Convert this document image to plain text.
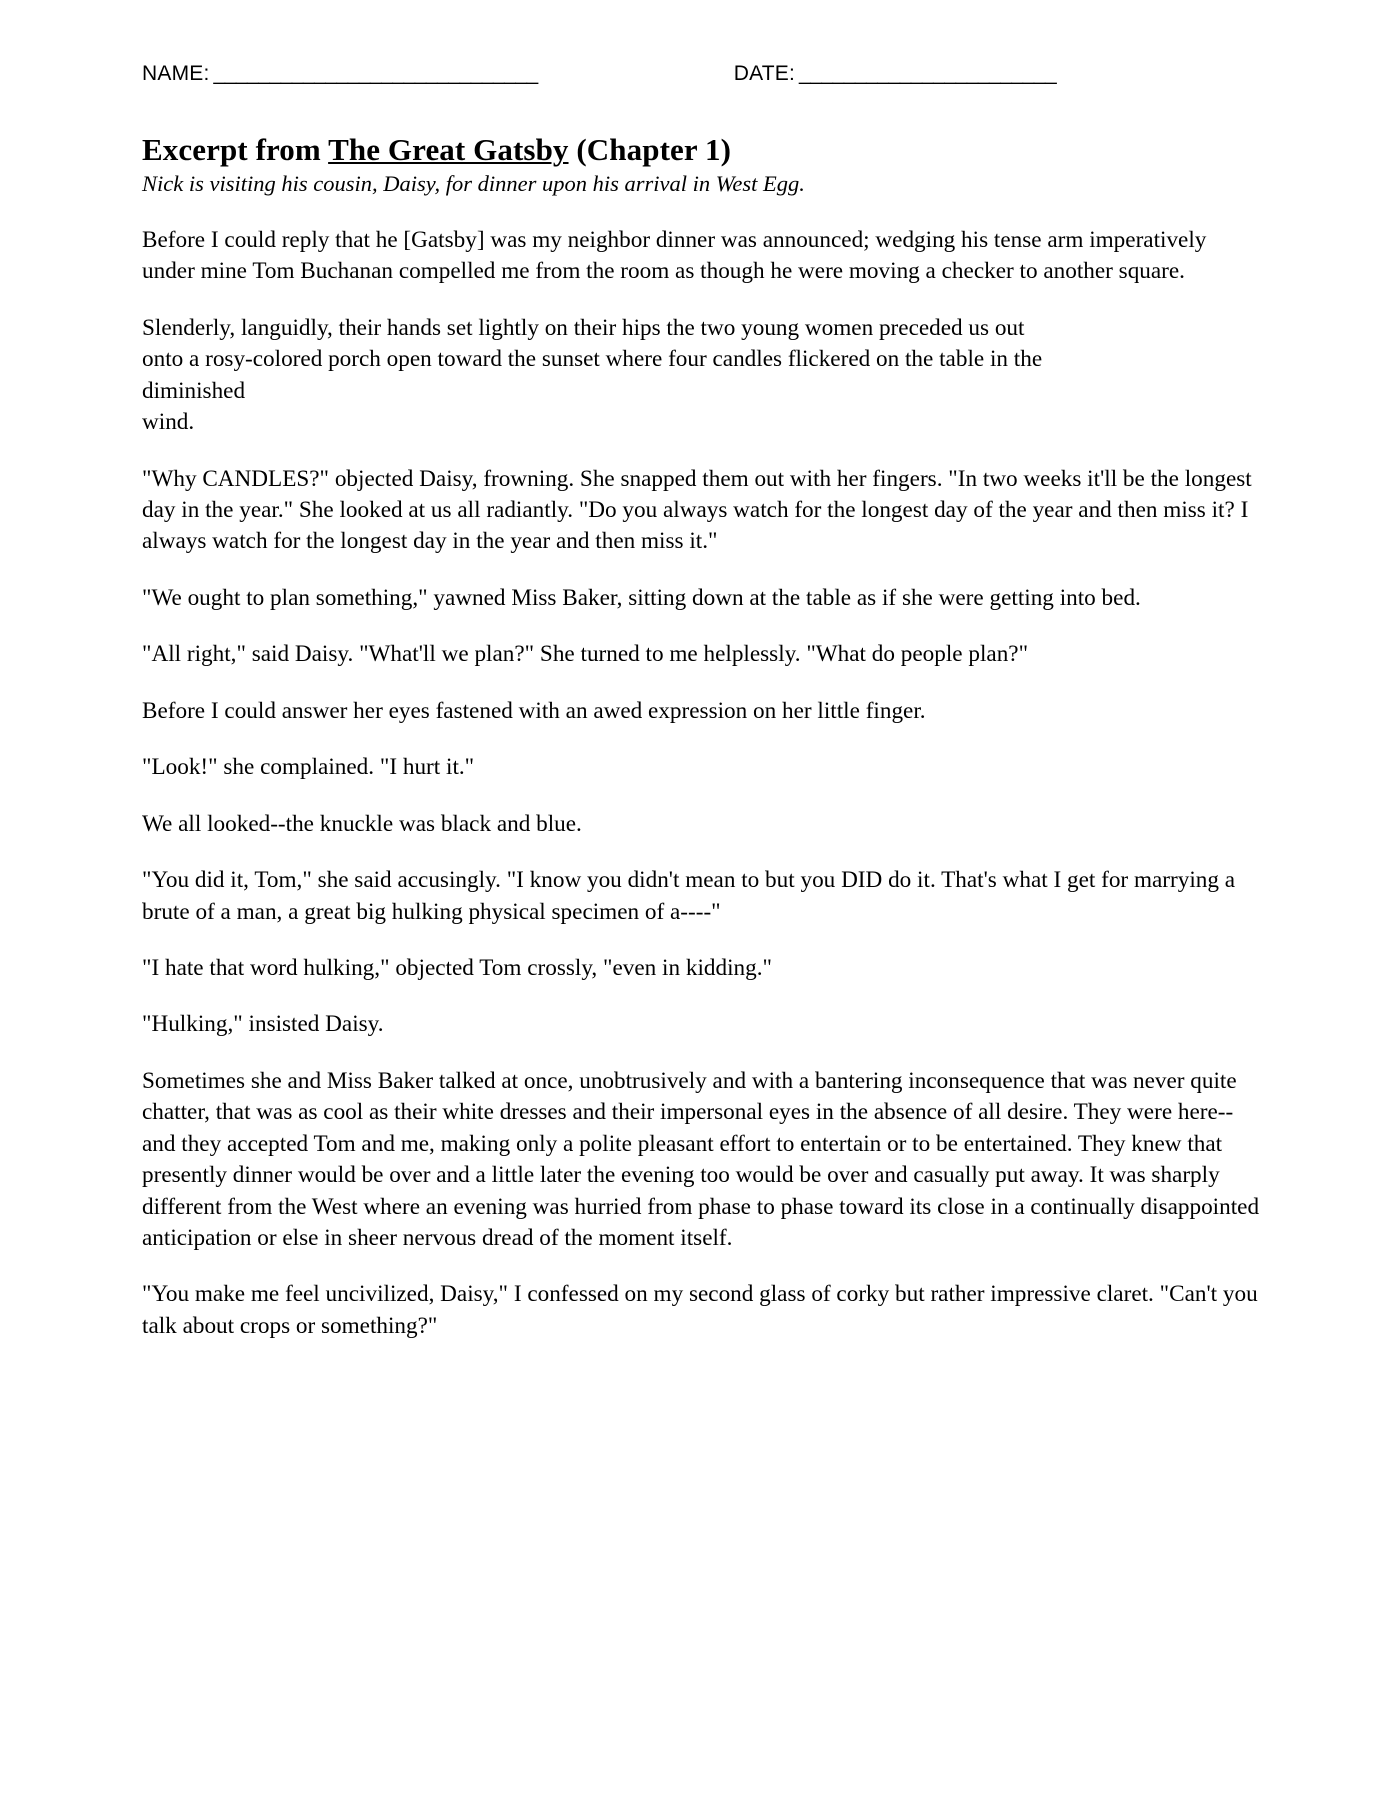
NAME: _____________________________	DATE: _______________________
Excerpt from The Great Gatsby (Chapter 1)
Nick is visiting his cousin, Daisy, for dinner upon his arrival in West Egg.

Before I could reply that he [Gatsby] was my neighbor dinner was announced; wedging his tense arm imperatively under mine Tom Buchanan compelled me from the room as though he were moving a checker to another square.

Slenderly, languidly, their hands set lightly on their hips the two young women preceded us out
onto a rosy-colored porch open toward the sunset where four candles flickered on the table in the
diminished
wind.

"Why CANDLES?" objected Daisy, frowning. She snapped them out with her fingers. "In two weeks it'll be the longest day in the year." She looked at us all radiantly. "Do you always watch for the longest day of the year and then miss it? I always watch for the longest day in the year and then miss it."

"We ought to plan something," yawned Miss Baker, sitting down at the table as if she were getting into bed.

"All right," said Daisy. "What'll we plan?" She turned to me helplessly. "What do people plan?"

Before I could answer her eyes fastened with an awed expression on her little finger.

"Look!" she complained. "I hurt it."

We all looked--the knuckle was black and blue.

"You did it, Tom," she said accusingly. "I know you didn't mean to but you DID do it. That's what I get for marrying a brute of a man, a great big hulking physical specimen of a----"

"I hate that word hulking," objected Tom crossly, "even in kidding."

"Hulking," insisted Daisy.

Sometimes she and Miss Baker talked at once, unobtrusively and with a bantering inconsequence that was never quite chatter, that was as cool as their white dresses and their impersonal eyes in the absence of all desire. They were here--and they accepted Tom and me, making only a polite pleasant effort to entertain or to be entertained. They knew that presently dinner would be over and a little later the evening too would be over and casually put away. It was sharply different from the West where an evening was hurried from phase to phase toward its close in a continually disappointed anticipation or else in sheer nervous dread of the moment itself.

"You make me feel uncivilized, Daisy," I confessed on my second glass of corky but rather impressive claret. "Can't you talk about crops or something?"
